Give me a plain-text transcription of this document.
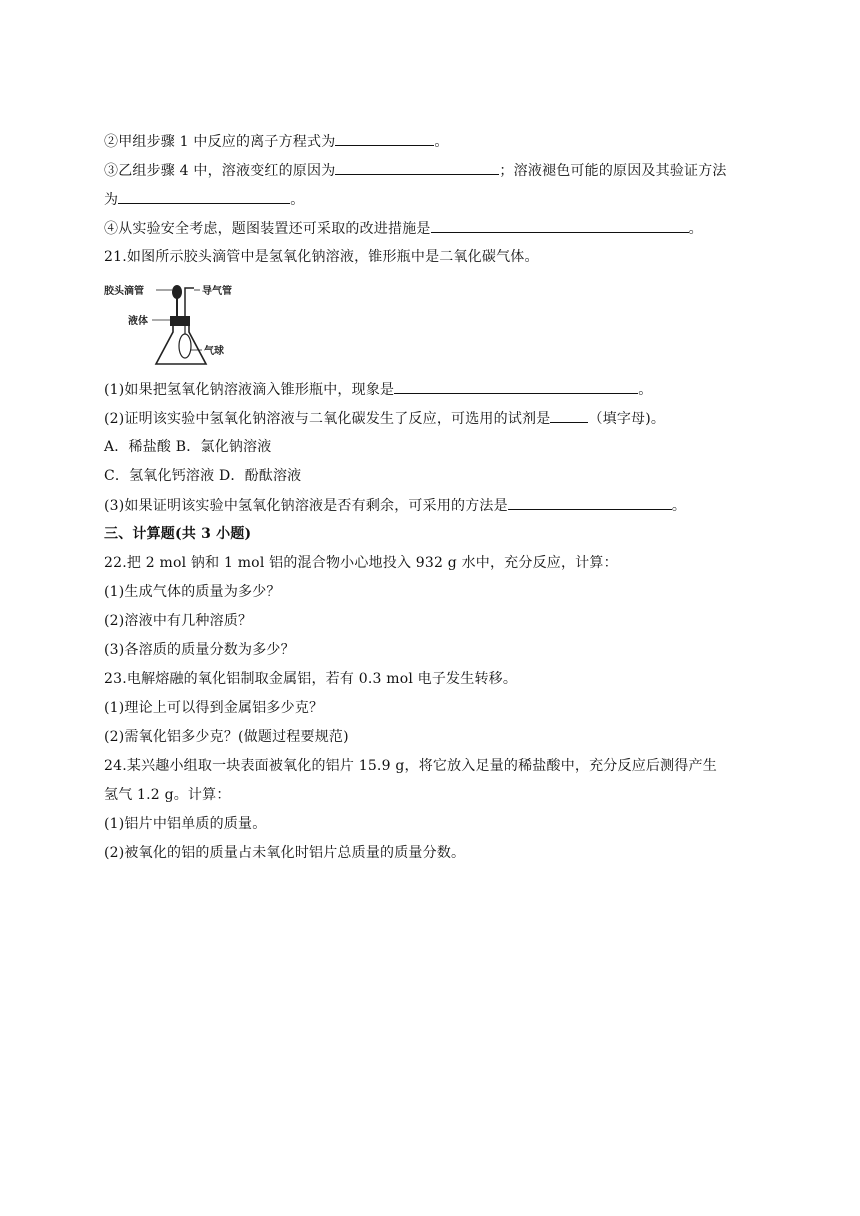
②甲组步骤 1 中反应的离子方程式为	。
③乙组步骤 4 中，溶液变红的原因为	；溶液褪色可能的原因及其验证方法
为	。
④从实验安全考虑，题图装置还可采取的改进措施是	。
21.如图所示胶头滴管中是氢氧化钠溶液，锥形瓶中是二氧化碳气体。
胶头滴管	导气管
液体
气球
(1)如果把氢氧化钠溶液滴入锥形瓶中，现象是	。
(2)证明该实验中氢氧化钠溶液与二氧化碳发生了反应，可选用的试剂是	（填字母)。
A．稀盐酸 B．氯化钠溶液
C．氢氧化钙溶液 D．酚酞溶液
(3)如果证明该实验中氢氧化钠溶液是否有剩余，可采用的方法是	。
三、计算题(共 3 小题)
22.把 2 mol 钠和 1 mol 铝的混合物小心地投入 932 g 水中，充分反应，计算：
(1)生成气体的质量为多少？
(2)溶液中有几种溶质？
(3)各溶质的质量分数为多少？
23.电解熔融的氧化铝制取金属铝，若有 0.3 mol 电子发生转移。
(1)理论上可以得到金属铝多少克？
(2)需氧化铝多少克？(做题过程要规范)
24.某兴趣小组取一块表面被氧化的铝片 15.9 g，将它放入足量的稀盐酸中，充分反应后测得产生
氢气 1.2 g。计算：
(1)铝片中铝单质的质量。
(2)被氧化的铝的质量占未氧化时铝片总质量的质量分数。
